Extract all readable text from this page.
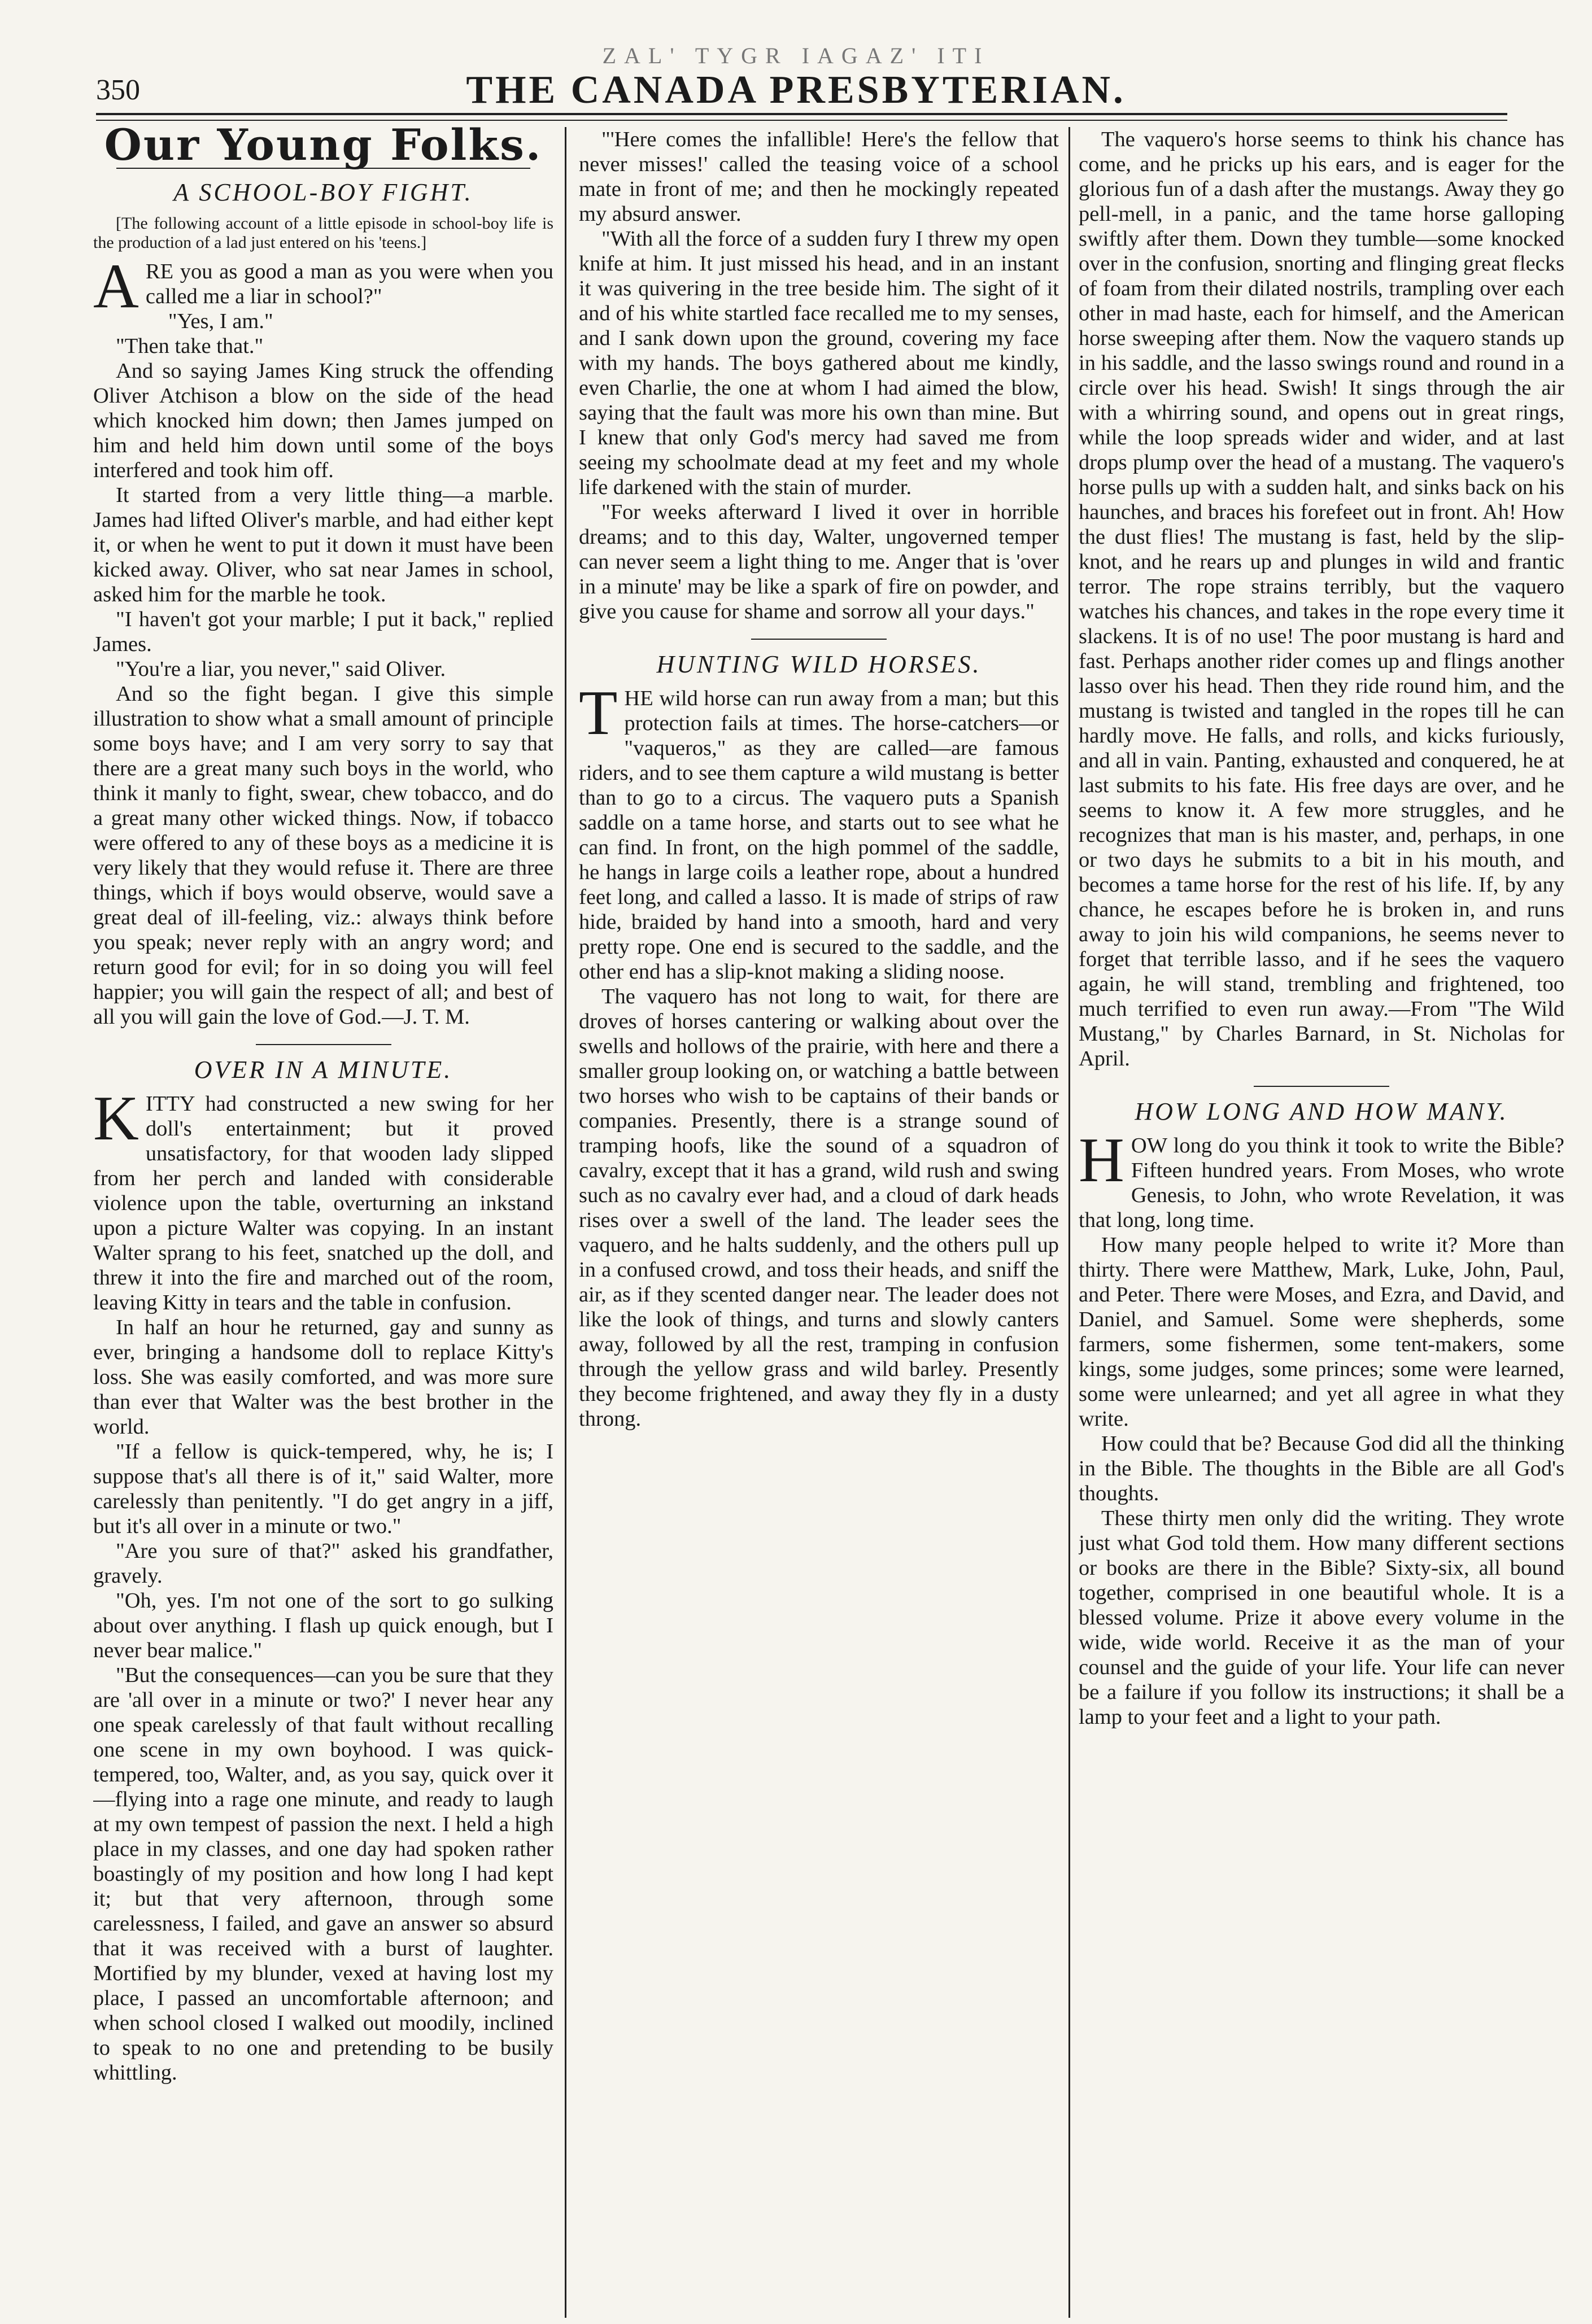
350
ZAL' TYGR IAGAZ' ITI
THE CANADA PRESBYTERIAN.
Our Young Folks.
A SCHOOL-BOY FIGHT.

[The following account of a little episode in school-boy life is the production of a lad just entered on his 'teens.]

ARE you as good a man as you were when you called me a liar in school?"

"Yes, I am."

"Then take that."

And so saying James King struck the offending Oliver Atchison a blow on the side of the head which knocked him down; then James jumped on him and held him down until some of the boys interfered and took him off.

It started from a very little thing—a marble. James had lifted Oliver's marble, and had either kept it, or when he went to put it down it must have been kicked away. Oliver, who sat near James in school, asked him for the marble he took.

"I haven't got your marble; I put it back," replied James.

"You're a liar, you never," said Oliver.

And so the fight began. I give this simple illustration to show what a small amount of principle some boys have; and I am very sorry to say that there are a great many such boys in the world, who think it manly to fight, swear, chew tobacco, and do a great many other wicked things. Now, if tobacco were offered to any of these boys as a medicine it is very likely that they would refuse it. There are three things, which if boys would observe, would save a great deal of ill-feeling, viz.: always think before you speak; never reply with an angry word; and return good for evil; for in so doing you will feel happier; you will gain the respect of all; and best of all you will gain the love of God.—J. T. M.

OVER IN A MINUTE.

KITTY had constructed a new swing for her doll's entertainment; but it proved unsatisfactory, for that wooden lady slipped from her perch and landed with considerable violence upon the table, overturning an inkstand upon a picture Walter was copying. In an instant Walter sprang to his feet, snatched up the doll, and threw it into the fire and marched out of the room, leaving Kitty in tears and the table in confusion.

In half an hour he returned, gay and sunny as ever, bringing a handsome doll to replace Kitty's loss. She was easily comforted, and was more sure than ever that Walter was the best brother in the world.

"If a fellow is quick-tempered, why, he is; I suppose that's all there is of it," said Walter, more carelessly than penitently. "I do get angry in a jiff, but it's all over in a minute or two."

"Are you sure of that?" asked his grandfather, gravely.

"Oh, yes. I'm not one of the sort to go sulking about over anything. I flash up quick enough, but I never bear malice."

"But the consequences—can you be sure that they are 'all over in a minute or two?' I never hear any one speak carelessly of that fault without recalling one scene in my own boyhood. I was quick-tempered, too, Walter, and, as you say, quick over it—flying into a rage one minute, and ready to laugh at my own tempest of passion the next. I held a high place in my classes, and one day had spoken rather boastingly of my position and how long I had kept it; but that very afternoon, through some carelessness, I failed, and gave an answer so absurd that it was received with a burst of laughter. Mortified by my blunder, vexed at having lost my place, I passed an uncomfortable afternoon; and when school closed I walked out moodily, inclined to speak to no one and pretending to be busily whittling.

"'Here comes the infallible! Here's the fellow that never misses!' called the teasing voice of a school mate in front of me; and then he mockingly repeated my absurd answer.

"With all the force of a sudden fury I threw my open knife at him. It just missed his head, and in an instant it was quivering in the tree beside him. The sight of it and of his white startled face recalled me to my senses, and I sank down upon the ground, covering my face with my hands. The boys gathered about me kindly, even Charlie, the one at whom I had aimed the blow, saying that the fault was more his own than mine. But I knew that only God's mercy had saved me from seeing my schoolmate dead at my feet and my whole life darkened with the stain of murder.

"For weeks afterward I lived it over in horrible dreams; and to this day, Walter, ungoverned temper can never seem a light thing to me. Anger that is 'over in a minute' may be like a spark of fire on powder, and give you cause for shame and sorrow all your days."

HUNTING WILD HORSES.

THE wild horse can run away from a man; but this protection fails at times. The horse-catchers—or "vaqueros," as they are called—are famous riders, and to see them capture a wild mustang is better than to go to a circus. The vaquero puts a Spanish saddle on a tame horse, and starts out to see what he can find. In front, on the high pommel of the saddle, he hangs in large coils a leather rope, about a hundred feet long, and called a lasso. It is made of strips of raw hide, braided by hand into a smooth, hard and very pretty rope. One end is secured to the saddle, and the other end has a slip-knot making a sliding noose.

The vaquero has not long to wait, for there are droves of horses cantering or walking about over the swells and hollows of the prairie, with here and there a smaller group looking on, or watching a battle between two horses who wish to be captains of their bands or companies. Presently, there is a strange sound of tramping hoofs, like the sound of a squadron of cavalry, except that it has a grand, wild rush and swing such as no cavalry ever had, and a cloud of dark heads rises over a swell of the land. The leader sees the vaquero, and he halts suddenly, and the others pull up in a confused crowd, and toss their heads, and sniff the air, as if they scented danger near. The leader does not like the look of things, and turns and slowly canters away, followed by all the rest, tramping in confusion through the yellow grass and wild barley. Presently they become frightened, and away they fly in a dusty throng.

The vaquero's horse seems to think his chance has come, and he pricks up his ears, and is eager for the glorious fun of a dash after the mustangs. Away they go pell-mell, in a panic, and the tame horse galloping swiftly after them. Down they tumble—some knocked over in the confusion, snorting and flinging great flecks of foam from their dilated nostrils, trampling over each other in mad haste, each for himself, and the American horse sweeping after them. Now the vaquero stands up in his saddle, and the lasso swings round and round in a circle over his head. Swish! It sings through the air with a whirring sound, and opens out in great rings, while the loop spreads wider and wider, and at last drops plump over the head of a mustang. The vaquero's horse pulls up with a sudden halt, and sinks back on his haunches, and braces his forefeet out in front. Ah! How the dust flies! The mustang is fast, held by the slip-knot, and he rears up and plunges in wild and frantic terror. The rope strains terribly, but the vaquero watches his chances, and takes in the rope every time it slackens. It is of no use! The poor mustang is hard and fast. Perhaps another rider comes up and flings another lasso over his head. Then they ride round him, and the mustang is twisted and tangled in the ropes till he can hardly move. He falls, and rolls, and kicks furiously, and all in vain. Panting, exhausted and conquered, he at last submits to his fate. His free days are over, and he seems to know it. A few more struggles, and he recognizes that man is his master, and, perhaps, in one or two days he submits to a bit in his mouth, and becomes a tame horse for the rest of his life. If, by any chance, he escapes before he is broken in, and runs away to join his wild companions, he seems never to forget that terrible lasso, and if he sees the vaquero again, he will stand, trembling and frightened, too much terrified to even run away.—From "The Wild Mustang," by Charles Barnard, in St. Nicholas for April.

HOW LONG AND HOW MANY.

HOW long do you think it took to write the Bible? Fifteen hundred years. From Moses, who wrote Genesis, to John, who wrote Revelation, it was that long, long time.

How many people helped to write it? More than thirty. There were Matthew, Mark, Luke, John, Paul, and Peter. There were Moses, and Ezra, and David, and Daniel, and Samuel. Some were shepherds, some farmers, some fishermen, some tent-makers, some kings, some judges, some princes; some were learned, some were unlearned; and yet all agree in what they write.

How could that be? Because God did all the thinking in the Bible. The thoughts in the Bible are all God's thoughts.

These thirty men only did the writing. They wrote just what God told them. How many different sections or books are there in the Bible? Sixty-six, all bound together, comprised in one beautiful whole. It is a blessed volume. Prize it above every volume in the wide, wide world. Receive it as the man of your counsel and the guide of your life. Your life can never be a failure if you follow its instructions; it shall be a lamp to your feet and a light to your path.
